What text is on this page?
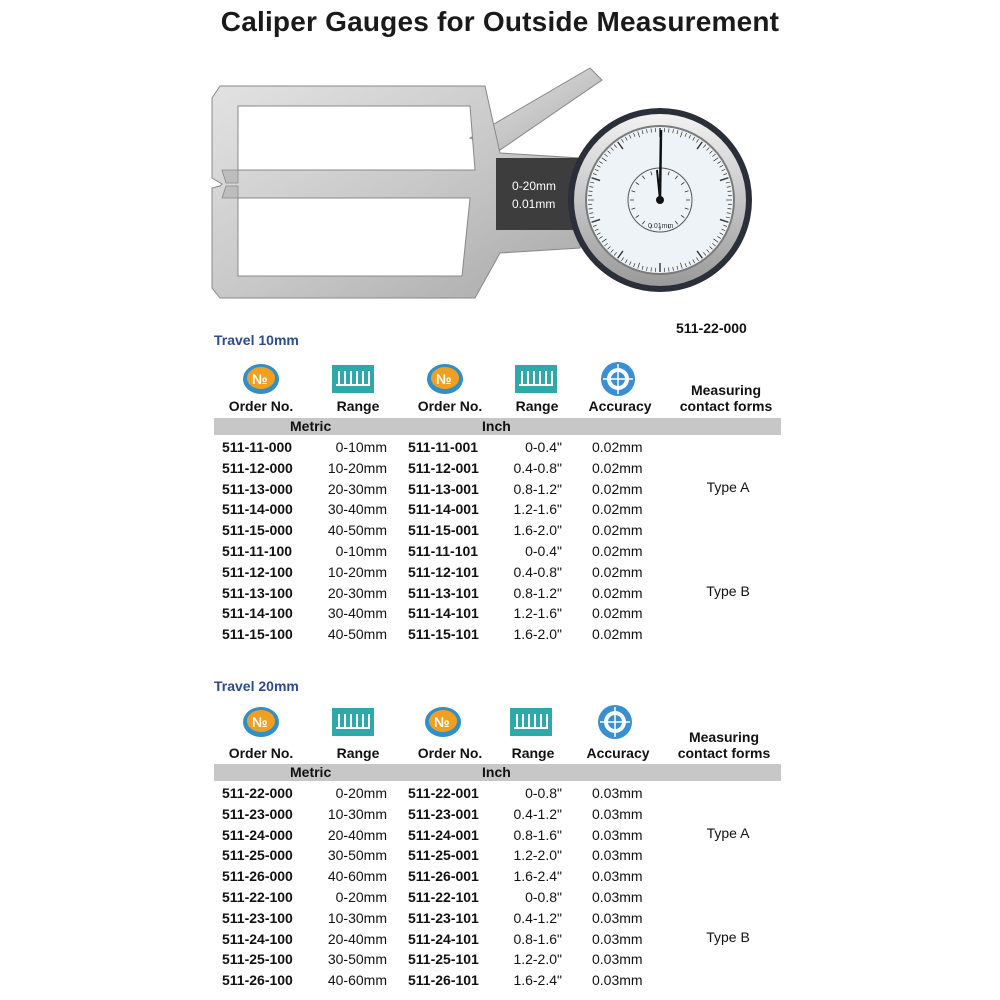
Caliper Gauges for Outside Measurement
0-20mm
0.01mm
0.01mm
511-22-000
Travel 10mm
№	№
Order No.	Range	Order No.	Range	Accuracy
Measuring
contact forms
Metric	Inch
511-11-000	0-10mm 511-11-001	0-0.4" 0.02mm
511-12-000	10-20mm 511-12-001	0.4-0.8" 0.02mm
511-13-000	20-30mm 511-13-001	0.8-1.2" 0.02mm
511-14-000	30-40mm 511-14-001	1.2-1.6" 0.02mm
511-15-000	40-50mm 511-15-001	1.6-2.0" 0.02mm
511-11-100	0-10mm 511-11-101	0-0.4" 0.02mm
511-12-100	10-20mm 511-12-101	0.4-0.8" 0.02mm
511-13-100	20-30mm 511-13-101	0.8-1.2" 0.02mm
511-14-100	30-40mm 511-14-101	1.2-1.6" 0.02mm
511-15-100	40-50mm 511-15-101	1.6-2.0" 0.02mm
Type A
Type B
Travel 20mm
№	№
Order No.	Range	Order No.	Range	Accuracy
Measuring
contact forms
Metric	Inch
511-22-000	0-20mm 511-22-001	0-0.8" 0.03mm
511-23-000	10-30mm 511-23-001	0.4-1.2" 0.03mm
511-24-000	20-40mm 511-24-001	0.8-1.6" 0.03mm
511-25-000	30-50mm 511-25-001	1.2-2.0" 0.03mm
511-26-000	40-60mm 511-26-001	1.6-2.4" 0.03mm
511-22-100	0-20mm 511-22-101	0-0.8" 0.03mm
511-23-100	10-30mm 511-23-101	0.4-1.2" 0.03mm
511-24-100	20-40mm 511-24-101	0.8-1.6" 0.03mm
511-25-100	30-50mm 511-25-101	1.2-2.0" 0.03mm
511-26-100	40-60mm 511-26-101	1.6-2.4" 0.03mm
Type A
Type B
